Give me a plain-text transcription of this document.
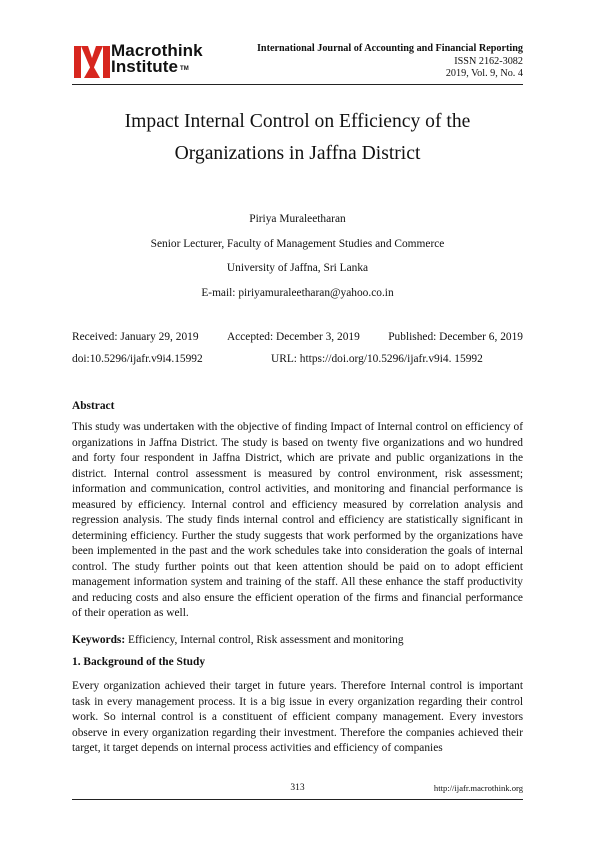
Macrothink
Institute ™
International Journal of Accounting and Financial Reporting
ISSN 2162-3082
2019, Vol. 9, No. 4
Impact Internal Control on Efficiency of the
Organizations in Jaffna District
Piriya Muraleetharan
Senior Lecturer, Faculty of Management Studies and Commerce
University of Jaffna, Sri Lanka
E-mail: piriyamuraleetharan@yahoo.co.in
Received: January 29, 2019 Accepted: December 3, 2019 Published: December 6, 2019
doi:10.5296/ijafr.v9i4.15992	URL: https://doi.org/10.5296/ijafr.v9i4. 15992
Abstract

This study was undertaken with the objective of finding Impact of Internal control on efficiency of organizations in Jaffna District. The study is based on twenty five organizations and wo hundred and forty four respondent in Jaffna District, which are private and public organizations in the district. Internal control assessment is measured by control environment, risk assessment; information and communication, control activities, and monitoring and financial performance is measured by efficiency. Internal control and efficiency measured by correlation analysis and regression analysis. The study finds internal control and efficiency are statistically significant in determining efficiency. Further the study suggests that work performed by the organizations have been implemented in the past and the work schedules take into consideration the goals of internal control. The study further points out that keen attention should be paid on to adopt efficient management information system and training of the staff. All these enhance the staff productivity and reducing costs and also ensure the efficient operation of the firms and financial performance of their operation as well.

Keywords: Efficiency, Internal control, Risk assessment and monitoring
1. Background of the Study

Every organization achieved their target in future years. Therefore Internal control is important task in every management process. It is a big issue in every organization regarding their control work. So internal control is a constituent of efficient company management. Every investors observe in every organization regarding their investment. Therefore the companies achieved their target, it target depends on internal process activities and efficiency of companies

313	http://ijafr.macrothink.org
